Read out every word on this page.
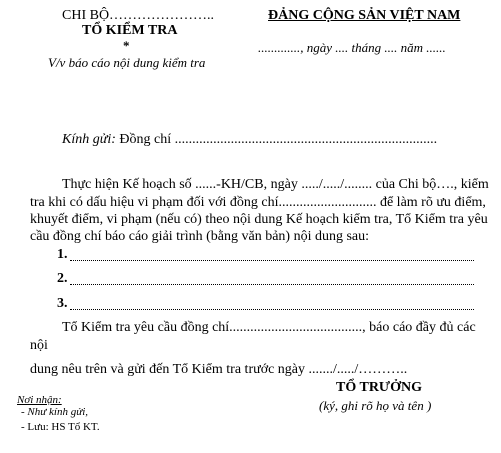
CHI BỘ…………………..
TỔ KIỂM TRA
*
V/v báo cáo nội dung kiểm tra
ĐẢNG CỘNG SẢN VIỆT NAM
............., ngày .... tháng .... năm ......
Kính gửi: Đồng chí ...........................................................................
Thực hiện Kế hoạch số ......-KH/CB, ngày ...../...../........ của Chi bộ…., kiểm
tra khi có dấu hiệu vi phạm đối với đồng chí............................ để làm rõ ưu điểm,
khuyết điểm, vi phạm (nếu có) theo nội dung Kế hoạch kiểm tra, Tổ Kiểm tra yêu
cầu đồng chí báo cáo giải trình (bằng văn bản) nội dung sau:
1.
2.
3.
Tổ Kiểm tra yêu cầu đồng chí......................................, báo cáo đầy đủ các
nội
dung nêu trên và gửi đến Tổ Kiểm tra trước ngày ......./...../………..
TỔ TRƯỞNG
(ký, ghi rõ họ và tên )
Nơi nhận:
- Như kính gửi,
- Lưu: HS Tổ KT.
